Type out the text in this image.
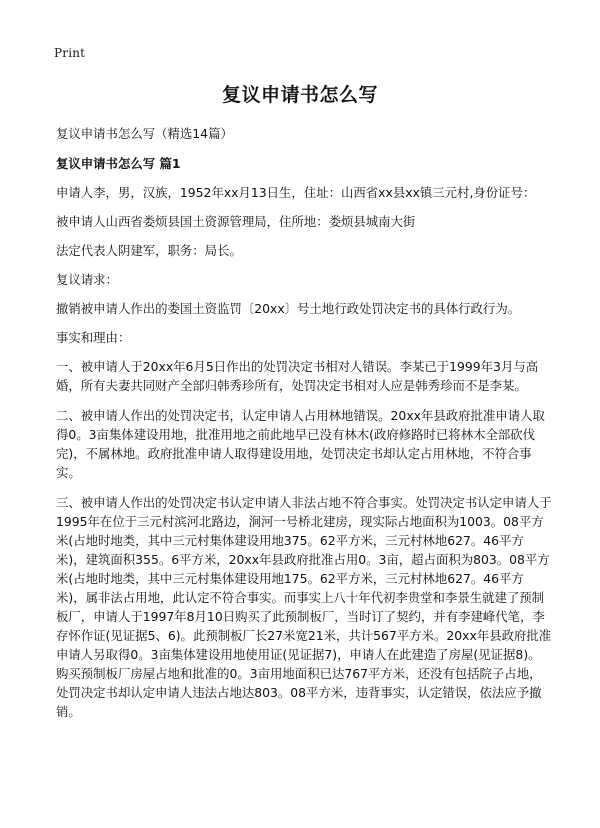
Print
复议申请书怎么写

复议申请书怎么写（精选14篇）

复议申请书怎么写 篇1

申请人李，男，汉族，1952年xx月13日生，住址：山西省xx县xx镇三元村,身份证号：

被申请人山西省娄烦县国土资源管理局，住所地：娄烦县城南大街

法定代表人阴建军，职务：局长。

复议请求：

撤销被申请人作出的娄国土资监罚〔20xx〕号土地行政处罚决定书的具体行政行为。

事实和理由：

一、被申请人于20xx年6月5日作出的处罚决定书相对人错误。李某已于1999年3月与高婚，所有夫妻共同财产全部归韩秀珍所有，处罚决定书相对人应是韩秀珍而不是李某。

二、被申请人作出的处罚决定书，认定申请人占用林地错误。20xx年县政府批准申请人取得0。3亩集体建设用地，批准用地之前此地早已没有林木(政府修路时已将林木全部砍伐完)，不属林地。政府批准申请人取得建设用地，处罚决定书却认定占用林地，不符合事实。

三、被申请人作出的处罚决定书认定申请人非法占地不符合事实。处罚决定书认定申请人于1995年在位于三元村滨河北路边，涧河一号桥北建房，现实际占地面积为1003。08平方米(占地时地类，其中三元村集体建设用地375。62平方米，三元村林地627。46平方米)，建筑面积355。6平方米，20xx年县政府批准占用0。3亩，超占面积为803。08平方米(占地时地类，其中三元村集体建设用地175。62平方米，三元村林地627。46平方米)，属非法占用地，此认定不符合事实。而事实上八十年代初李贵堂和李景生就建了预制板厂，申请人于1997年8月10日购买了此预制板厂，当时订了契约，并有李建峰代笔，李存怀作证(见证据5、6)。此预制板厂长27米宽21米，共计567平方米。20xx年县政府批准申请人另取得0。3亩集体建设用地使用证(见证据7)，申请人在此建造了房屋(见证据8)。购买预制板厂房屋占地和批准的0。3亩用地面积已达767平方米，还没有包括院子占地，处罚决定书却认定申请人违法占地达803。08平方米，违背事实，认定错误，依法应予撤销。
